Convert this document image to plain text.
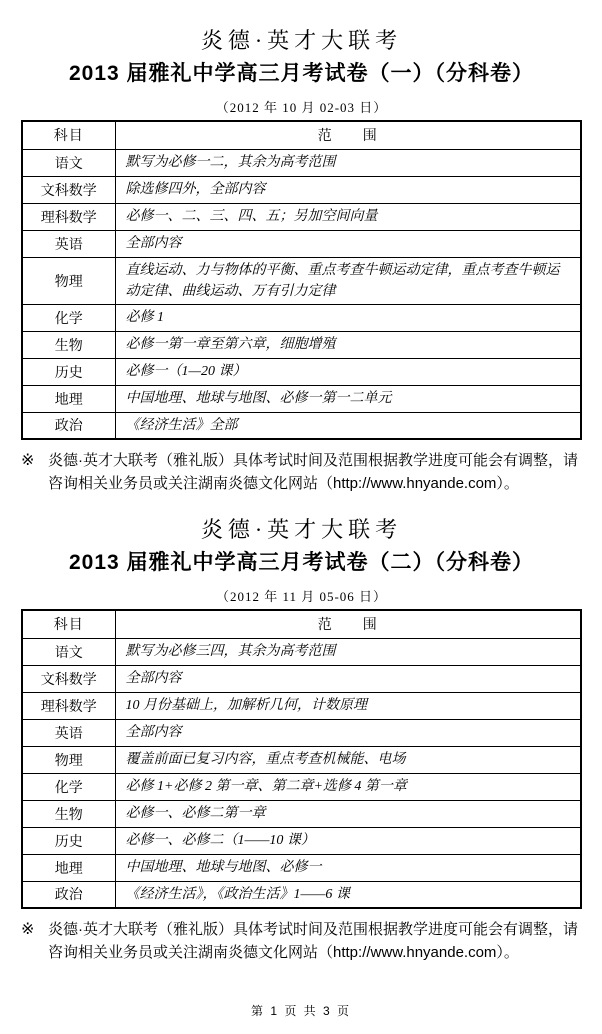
炎德·英才大联考
2013 届雅礼中学高三月考试卷（一）（分科卷）
（2012 年 10 月 02-03 日）
科目	范　　围
语文	默写为必修一二，其余为高考范围
文科数学	除选修四外，全部内容
理科数学	必修一、二、三、四、五；另加空间向量
英语	全部内容
物理	直线运动、力与物体的平衡、重点考查牛顿运动定律，重点考查牛顿运动定律、曲线运动、万有引力定律
化学	必修 1
生物	必修一第一章至第六章，细胞增殖
历史	必修一（1—20 课）
地理	中国地理、地球与地图、必修一第一二单元
政治	《经济生活》全部
※ 炎德·英才大联考（雅礼版）具体考试时间及范围根据教学进度可能会有调整，请咨询相关业务员或关注湖南炎德文化网站（http://www.hnyande.com）。
炎德·英才大联考
2013 届雅礼中学高三月考试卷（二）（分科卷）
（2012 年 11 月 05-06 日）
科目	范　　围
语文	默写为必修三四，其余为高考范围
文科数学	全部内容
理科数学	10 月份基础上，加解析几何，计数原理
英语	全部内容
物理	覆盖前面已复习内容，重点考查机械能、电场
化学	必修 1+必修 2 第一章、第二章+选修 4 第一章
生物	必修一、必修二第一章
历史	必修一、必修二（1——10 课）
地理	中国地理、地球与地图、必修一
政治	《经济生活》，《政治生活》1——6 课
※ 炎德·英才大联考（雅礼版）具体考试时间及范围根据教学进度可能会有调整，请咨询相关业务员或关注湖南炎德文化网站（http://www.hnyande.com）。
第 1 页 共 3 页
